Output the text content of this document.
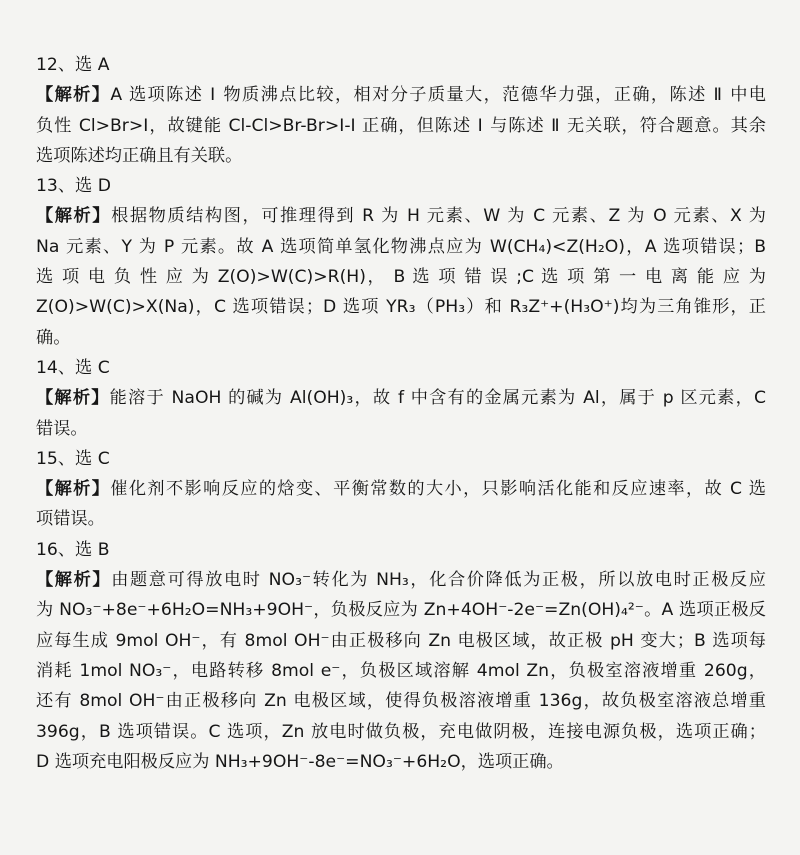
12、选 A
【解析】A 选项陈述 Ⅰ 物质沸点比较，相对分子质量大，范德华力强，正确，陈述 Ⅱ 中电
负性 Cl>Br>I，故键能 Cl-Cl>Br-Br>I-I 正确，但陈述 Ⅰ 与陈述 Ⅱ 无关联，符合题意。其余
选项陈述均正确且有关联。
13、选 D
【解析】根据物质结构图，可推理得到 R 为 H 元素、W 为 C 元素、Z 为 O 元素、X 为
Na 元素、Y 为 P 元素。故 A 选项简单氢化物沸点应为 W(CH₄)<Z(H₂O)，A 选项错误；B
选 项 电 负 性 应 为 Z(O)>W(C)>R(H)， B 选 项 错 误 ;C 选 项 第 一 电 离 能 应 为
Z(O)>W(C)>X(Na)，C 选项错误；D 选项 YR₃（PH₃）和 R₃Z⁺+(H₃O⁺)均为三角锥形，正
确。
14、选 C
【解析】能溶于 NaOH 的碱为 Al(OH)₃，故 f 中含有的金属元素为 Al，属于 p 区元素，C
错误。
15、选 C
【解析】催化剂不影响反应的焓变、平衡常数的大小，只影响活化能和反应速率，故 C 选
项错误。
16、选 B
【解析】由题意可得放电时 NO₃⁻转化为 NH₃，化合价降低为正极，所以放电时正极反应
为 NO₃⁻+8e⁻+6H₂O=NH₃+9OH⁻，负极反应为 Zn+4OH⁻-2e⁻=Zn(OH)₄²⁻。A 选项正极反
应每生成 9mol OH⁻，有 8mol OH⁻由正极移向 Zn 电极区域，故正极 pH 变大；B 选项每
消耗 1mol NO₃⁻，电路转移 8mol e⁻，负极区域溶解 4mol Zn，负极室溶液增重 260g，
还有 8mol OH⁻由正极移向 Zn 电极区域，使得负极溶液增重 136g，故负极室溶液总增重
396g，B 选项错误。C 选项，Zn 放电时做负极，充电做阴极，连接电源负极，选项正确；
D 选项充电阳极反应为 NH₃+9OH⁻-8e⁻=NO₃⁻+6H₂O，选项正确。
